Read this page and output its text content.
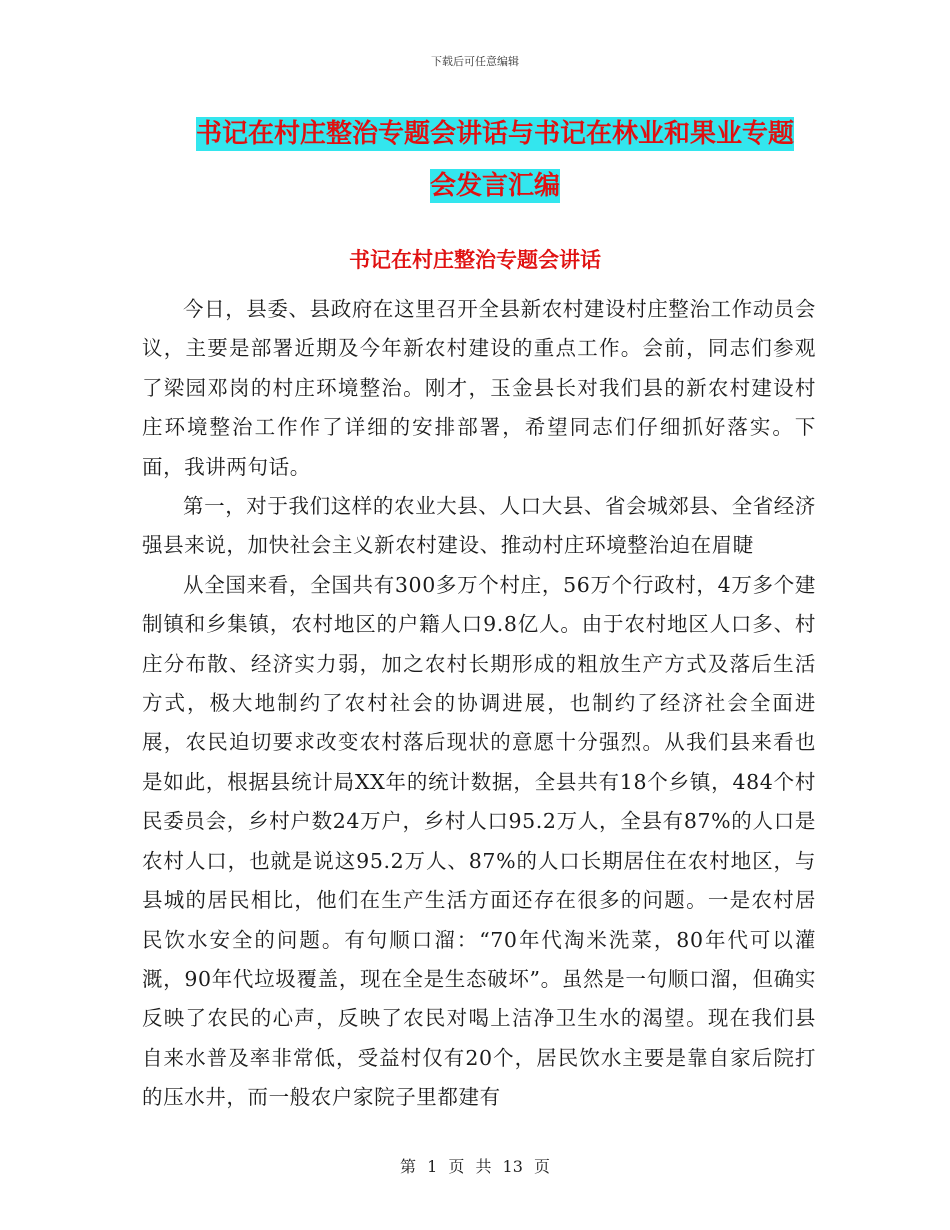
下载后可任意编辑
书记在村庄整治专题会讲话与书记在林业和果业专题
会发言汇编
书记在村庄整治专题会讲话

今日，县委、县政府在这里召开全县新农村建设村庄整治工作动员会议，主要是部署近期及今年新农村建设的重点工作。会前，同志们参观了梁园邓岗的村庄环境整治。刚才，玉金县长对我们县的新农村建设村庄环境整治工作作了详细的安排部署，希望同志们仔细抓好落实。下面，我讲两句话。

第一，对于我们这样的农业大县、人口大县、省会城郊县、全省经济强县来说，加快社会主义新农村建设、推动村庄环境整治迫在眉睫

从全国来看，全国共有300多万个村庄，56万个行政村，4万多个建制镇和乡集镇，农村地区的户籍人口9.8亿人。由于农村地区人口多、村庄分布散、经济实力弱，加之农村长期形成的粗放生产方式及落后生活方式，极大地制约了农村社会的协调进展，也制约了经济社会全面进展，农民迫切要求改变农村落后现状的意愿十分强烈。从我们县来看也是如此，根据县统计局XX年的统计数据，全县共有18个乡镇，484个村民委员会，乡村户数24万户，乡村人口95.2万人，全县有87%的人口是农村人口，也就是说这95.2万人、87%的人口长期居住在农村地区，与县城的居民相比，他们在生产生活方面还存在很多的问题。一是农村居民饮水安全的问题。有句顺口溜：“70年代淘米洗菜，80年代可以灌溉，90年代垃圾覆盖，现在全是生态破坏”。虽然是一句顺口溜，但确实反映了农民的心声，反映了农民对喝上洁净卫生水的渴望。现在我们县自来水普及率非常低，受益村仅有20个，居民饮水主要是靠自家后院打的压水井，而一般农户家院子里都建有

第 1 页 共 13 页
